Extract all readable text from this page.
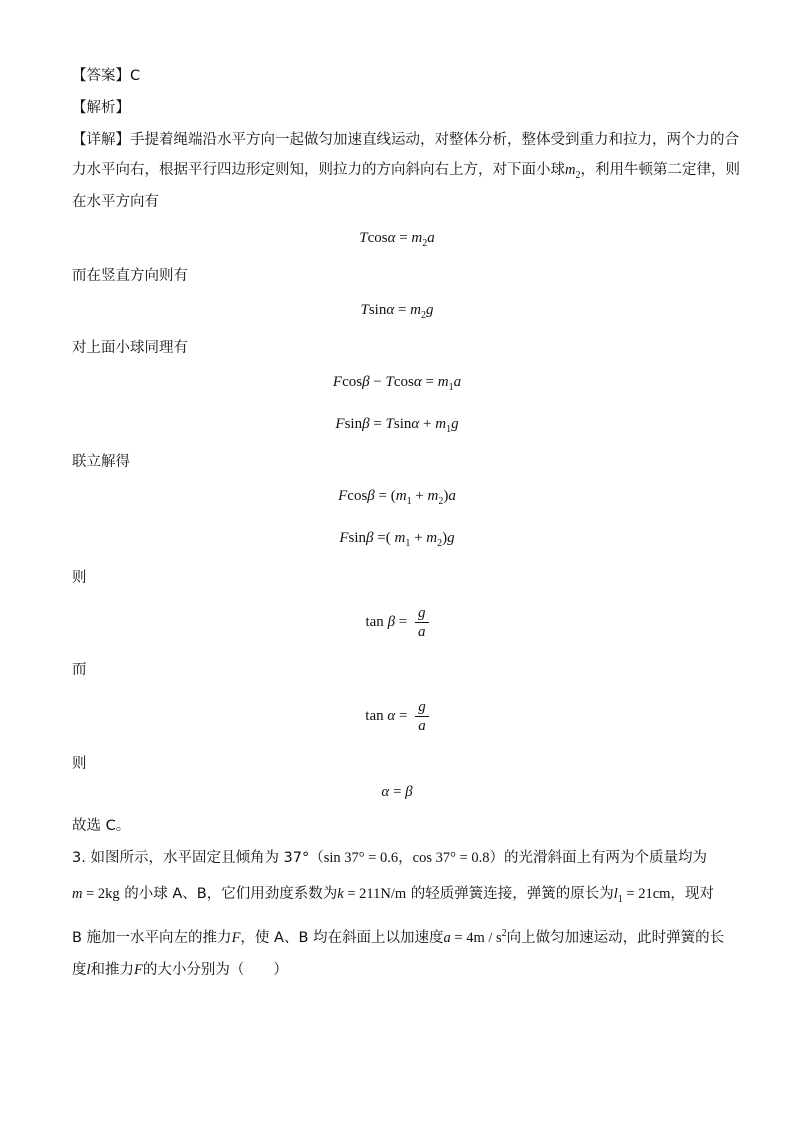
【答案】C
【解析】
【详解】手提着绳端沿水平方向一起做匀加速直线运动，对整体分析，整体受到重力和拉力，两个力的合
力水平向右，根据平行四边形定则知，则拉力的方向斜向右上方，对下面小球$m_2$，利用牛顿第二定律，则
在水平方向有
$Tcos\alpha = m_2a$
而在竖直方向则有
$Tsin\alpha = m_2g$
对上面小球同理有
$Fcos\beta - Tcos\alpha = m_1a$
$Fsin\beta = Tsin\alpha + m_1g$
联立解得
$Fcos\beta = (m_1 + m_2)a$
Fsinβ =( $m_1 + m_2)g$
则
$\tan \beta = \frac{g}{a}$
而
$\tan \alpha = \frac{g}{a}$
则
α = β
故选 C。
3. 如图所示，水平固定且倾角为 37°（sin 37° = 0.6，cos 37° = 0.8）的光滑斜面上有两为个质量均为
m = 2kg 的小球 A、B，它们用劲度系数为k = 211N/m 的轻质弹簧连接，弹簧的原长为$l_1 = 21cm$，现对
B 施加一水平向左的推力F，使 A、B 均在斜面上以加速度$a = 4m / s^2$向上做匀加速运动，此时弹簧的长
度l和推力F的大小分别为（　　）
